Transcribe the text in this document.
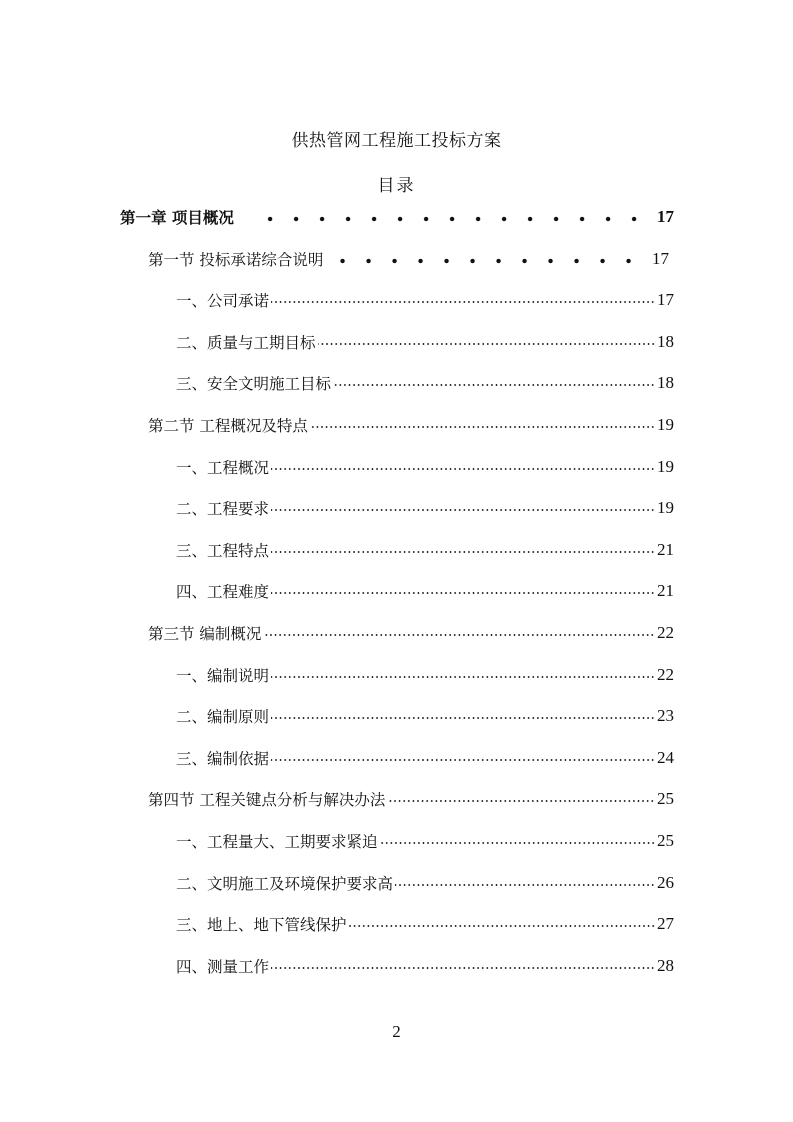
供热管网工程施工投标方案
目录
第一章 项目概况	17
第一节 投标承诺综合说明	17
一、公司承诺	17
二、质量与工期目标	18
三、安全文明施工目标	18
第二节 工程概况及特点	19
一、工程概况	19
二、工程要求	19
三、工程特点	21
四、工程难度	21
第三节 编制概况	22
一、编制说明	22
二、编制原则	23
三、编制依据	24
第四节 工程关键点分析与解决办法	25
一、工程量大、工期要求紧迫	25
二、文明施工及环境保护要求高	26
三、地上、地下管线保护	27
四、测量工作	28
2
